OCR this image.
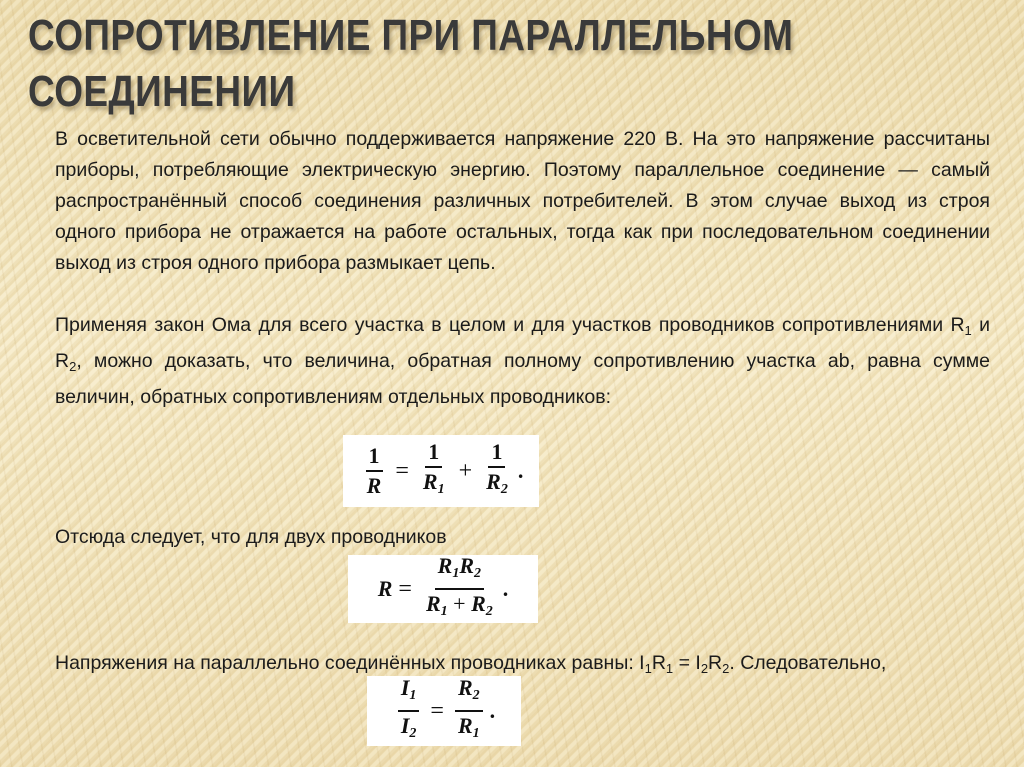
СОПРОТИВЛЕНИЕ ПРИ ПАРАЛЛЕЛЬНОМ
СОЕДИНЕНИИ

В осветительной сети обычно поддерживается напряжение 220 В. На это напряжение рассчитаны приборы, потребляющие электрическую энергию. Поэтому параллельное соединение — самый распространённый способ соединения различных потребителей. В этом случае выход из строя одного прибора не отражается на работе остальных, тогда как при последовательном соединении выход из строя одного прибора размыкает цепь.

Применяя закон Ома для всего участка в целом и для участков проводников сопротивлениями $R_1$ и $R_2$, можно доказать, что величина, обратная полному сопротивлению участка ab, равна сумме величин, обратных сопротивлениям отдельных проводников:

$\frac{1}{R} = \frac{1}{R_1} + \frac{1}{R_2}$ .
Отсюда следует, что для двух проводников
$R = \frac{R_1R_2}{R_1 + R_2}$ .
Напряжения на параллельно соединённых проводниках равны: $I_1R_1 = I_2R_2$. Следовательно,
$\frac{I_1}{I_2} = \frac{R_2}{R_1}$ .
